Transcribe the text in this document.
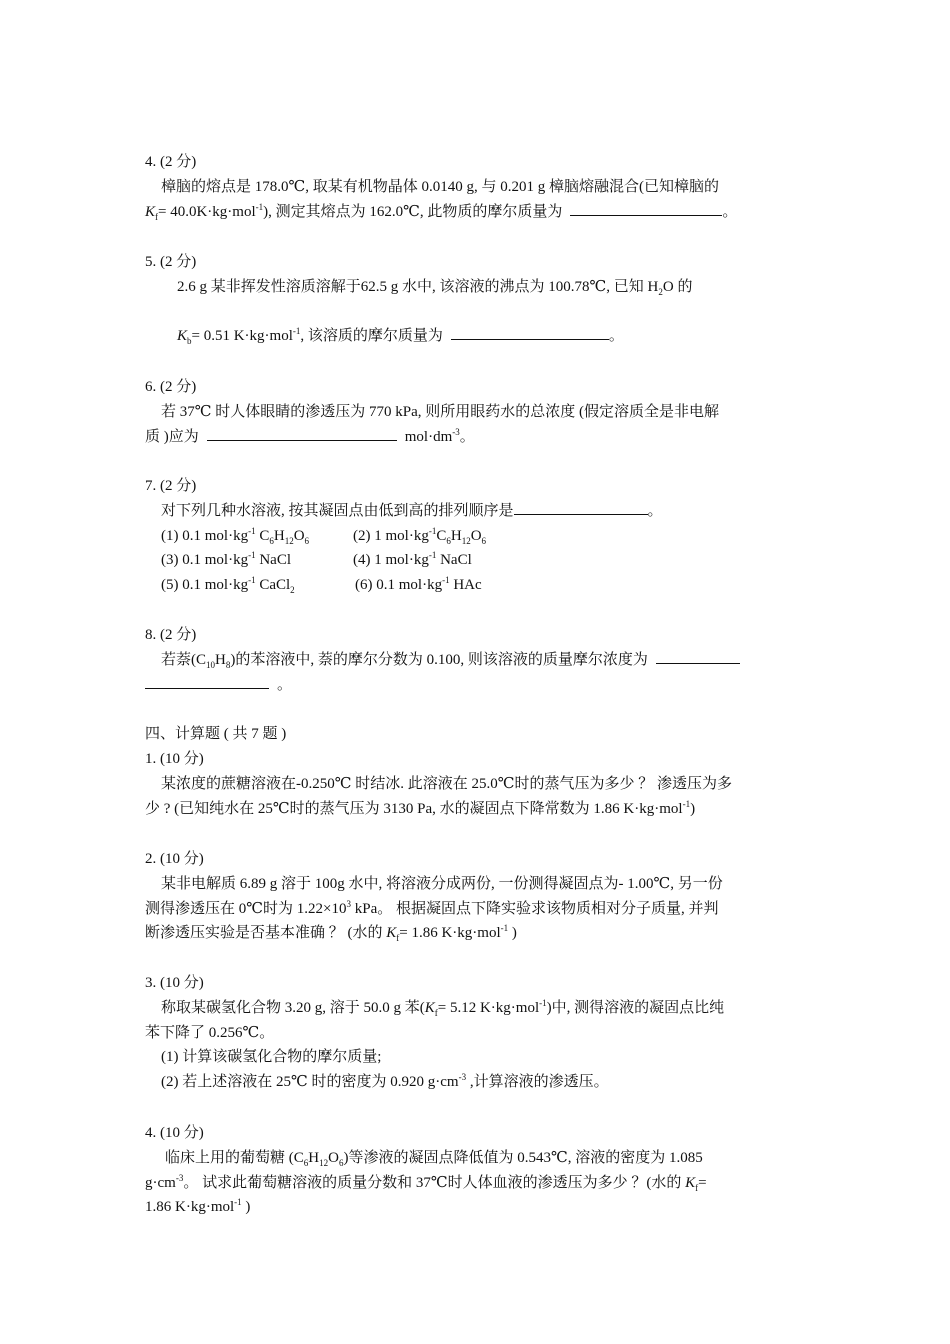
4. (2 分)
樟脑的熔点是 178.0℃, 取某有机物晶体 0.0140 g, 与 0.201 g 樟脑熔融混合(已知樟脑的
$K_f= 40.0K\cdot kg\cdot mol^{-1}$), 测定其熔点为 162.0℃, 此物质的摩尔质量为	。
5. (2 分)
2.6 g 某非挥发性溶质溶解于62.5 g 水中, 该溶液的沸点为 100.78℃, 已知 $H_2O$ 的
$K_b= 0.51$ K·kg·mol$^{-1}$, 该溶质的摩尔质量为	。
6. (2 分)
若 37℃ 时人体眼睛的渗透压为 770 kPa, 则所用眼药水的总浓度 (假定溶质全是非电解
质 )应为	$mol\cdot dm^{-3}$。
7. (2 分)
对下列几种水溶液, 按其凝固点由低到高的排列顺序是	。
(1) 0.1 $mol\cdot kg^{-1}$ $C_6H_{12}O_6$	(2) 1 $mol\cdot kg^{-1}C_6H_{12}O_6$
(3) 0.1 $mol\cdot kg^{-1}$ NaCl	(4) 1 $mol\cdot kg^{-1}$ NaCl
(5) 0.1 $mol\cdot kg^{-1}$ CaCl$_2$	(6) 0.1 $mol\cdot kg^{-1}$ HAc
8. (2 分)
若萘$(C_{10}H_8)$的苯溶液中, 萘的摩尔分数为 0.100, 则该溶液的质量摩尔浓度为
。
四、计算题 ( 共 7 题 )
1. (10 分)
某浓度的蔗糖溶液在-0.250℃ 时结冰. 此溶液在 25.0℃时的蒸气压为多少 ？ 渗透压为多
少 ? (已知纯水在 25℃时的蒸气压为 3130 Pa, 水的凝固点下降常数为 1.86 K·kg·mol$^{-1}$)
2. (10 分)
某非电解质 6.89 g 溶于 100g 水中, 将溶液分成两份, 一份测得凝固点为- 1.00℃, 另一份
测得渗透压在 0℃时为 $1.22\times 10^3$ kPa。 根据凝固点下降实验求该物质相对分子质量, 并判
断渗透压实验是否基本准确 ？ (水的 $K_f= 1.86$ K·kg·mol$^{-1}$ )
3. (10 分)
称取某碳氢化合物 3.20 g, 溶于 50.0 g 苯($K_f= 5.12$ K·kg·mol$^{-1}$)中, 测得溶液的凝固点比纯
苯下降了 0.256℃。
(1) 计算该碳氢化合物的摩尔质量;
(2) 若上述溶液在 25℃ 时的密度为 0.920 $g\cdot cm^{-3}$ ,计算溶液的渗透压。
4. (10 分)
临床上用的葡萄糖 $(C_6H_{12}O_6)$等渗液的凝固点降低值为 0.543℃, 溶液的密度为 1.085
$g\cdot cm^{-3}$。 试求此葡萄糖溶液的质量分数和 37℃时人体血液的渗透压为多少 ？(水的 $K_f=$
1.86 K·kg·mol$^{-1}$ )
